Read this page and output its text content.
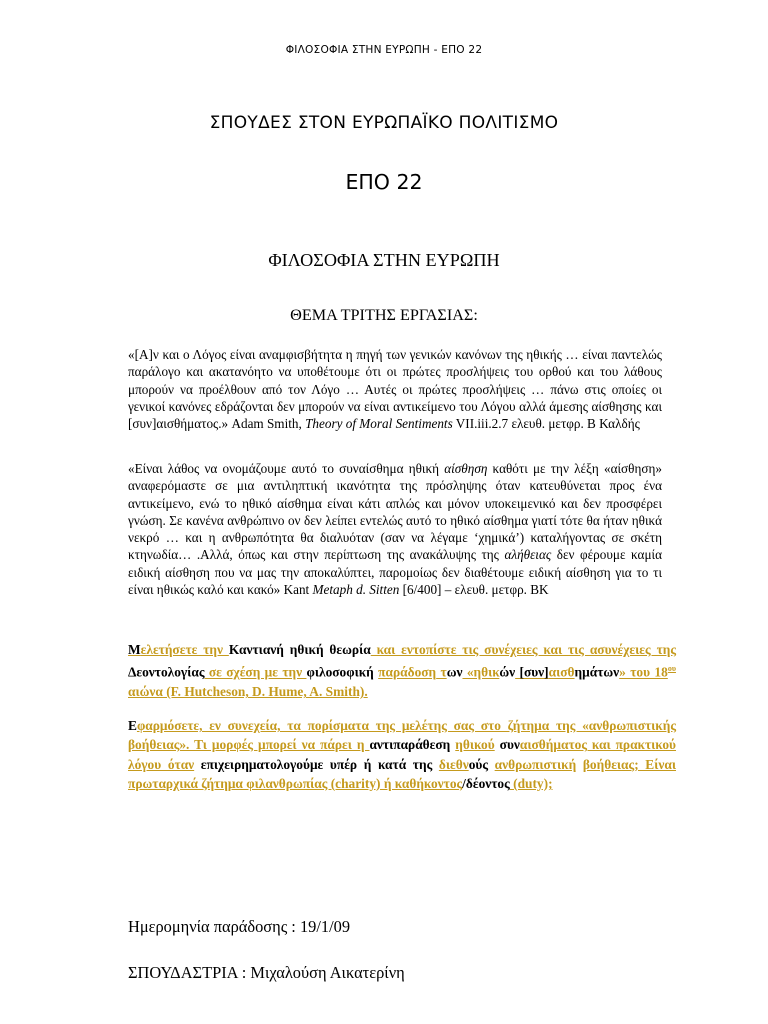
ΦΙΛΟΣΟΦΙΑ ΣΤΗΝ ΕΥΡΩΠΗ - ΕΠΟ 22
ΣΠΟΥΔΕΣ ΣΤΟΝ ΕΥΡΩΠΑΪΚΟ ΠΟΛΙΤΙΣΜΟ
ΕΠΟ 22
ΦΙΛΟΣΟΦΙΑ ΣΤΗΝ ΕΥΡΩΠΗ
ΘΕΜΑ ΤΡΙΤΗΣ ΕΡΓΑΣΙΑΣ:
«[Α]ν και ο Λόγος είναι αναμφισβήτητα η πηγή των γενικών κανόνων της ηθικής … είναι παντελώς παράλογο και ακατανόητο να υποθέτουμε ότι οι πρώτες προσλήψεις του ορθού και του λάθους μπορούν να προέλθουν από τον Λόγο … Αυτές οι πρώτες προσλήψεις … πάνω στις οποίες οι γενικοί κανόνες εδράζονται δεν μπορούν να είναι αντικείμενο του Λόγου αλλά άμεσης αίσθησης και [συν]αισθήματος.» Adam Smith, Theory of Moral Sentiments VII.iii.2.7 ελευθ. μετφρ. Β Καλδής
«Είναι λάθος να ονομάζουμε αυτό το συναίσθημα ηθική αίσθηση καθότι με την λέξη «αίσθηση» αναφερόμαστε σε μια αντιληπτική ικανότητα της πρόσληψης όταν κατευθύνεται προς ένα αντικείμενο, ενώ το ηθικό αίσθημα είναι κάτι απλώς και μόνον υποκειμενικό και δεν προσφέρει γνώση. Σε κανένα ανθρώπινο ον δεν λείπει εντελώς αυτό το ηθικό αίσθημα γιατί τότε θα ήταν ηθικά νεκρό … και η ανθρωπότητα θα διαλυόταν (σαν να λέγαμε ‘χημικά’) καταλήγοντας σε σκέτη κτηνωδία… .Αλλά, όπως και στην περίπτωση της ανακάλυψης της αλήθειας δεν φέρουμε καμία ειδική αίσθηση που να μας την αποκαλύπτει, παρομοίως δεν διαθέτουμε ειδική αίσθηση για το τι είναι ηθικώς καλό και κακό» Kant Metaph d. Sitten [6/400] – ελευθ. μετφρ. ΒΚ
Μελετήσετε την Καντιανή ηθική θεωρία και εντοπίστε τις συνέχειες και τις ασυνέχειες της Δεοντολογίας σε σχέση με την φιλοσοφική παράδοση των «ηθικών [συν]αισθημάτων» του $18^{o\upsilon}$ αιώνα (F. Hutcheson, D. Hume, A. Smith).
Εφαρμόσετε, εν συνεχεία, τα πορίσματα της μελέτης σας στο ζήτημα της «ανθρωπιστικής βοήθειας». Τι μορφές μπορεί να πάρει η αντιπαράθεση ηθικού συναισθήματος και πρακτικού λόγου όταν επιχειρηματολογούμε υπέρ ή κατά της διεθνούς ανθρωπιστική βοήθειας; Είναι πρωταρχικά ζήτημα φιλανθρωπίας (charity) ή καθήκοντος/δέοντος (duty);
Ημερομηνία παράδοσης : 19/1/09
ΣΠΟΥΔΑΣΤΡΙΑ : Μιχαλούση Αικατερίνη
